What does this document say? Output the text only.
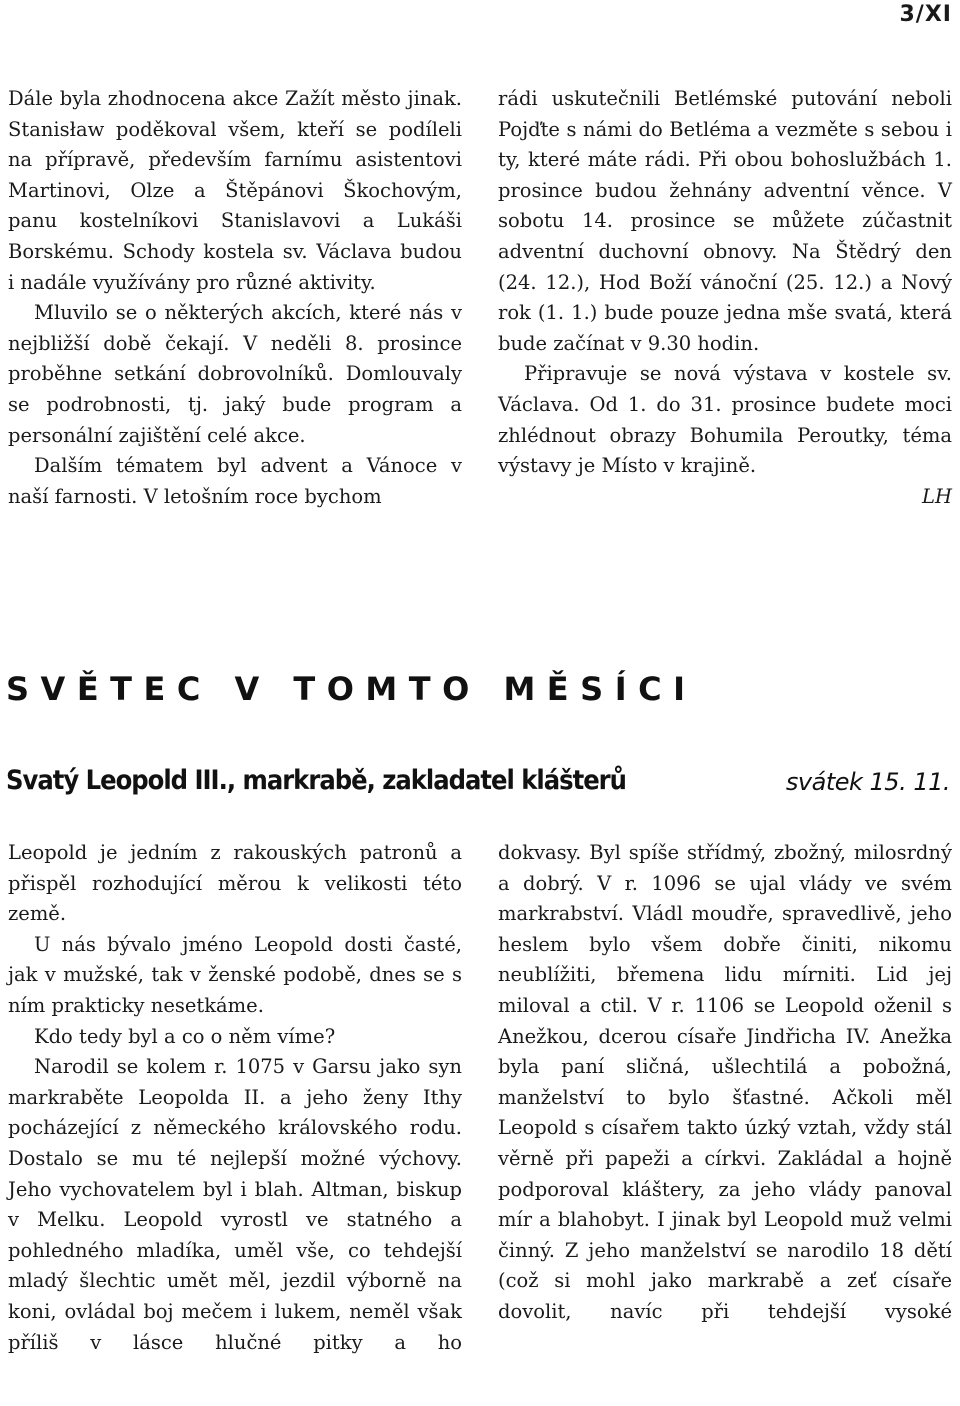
3/XI

Dále byla zhodnocena akce Zažít město jinak. Stanisław poděkoval všem, kteří se podíleli na přípravě, především farnímu asistentovi Martinovi, Olze a Štěpánovi Škochovým, panu kostelníkovi Stanislavovi a Lukáši Borskému. Schody kostela sv. Václava budou i nadále využívány pro různé aktivity.

Mluvilo se o některých akcích, které nás v nejbližší době čekají. V neděli 8. prosince proběhne setkání dobrovolníků. Domlouvaly se podrobnosti, tj. jaký bude program a personální zajištění celé akce.

Dalším tématem byl advent a Vánoce v naší farnosti. V letošním roce bychom

rádi uskutečnili Betlémské putování neboli Pojďte s námi do Betléma a vezměte s sebou i ty, které máte rádi. Při obou bohoslužbách 1. prosince budou žehnány adventní věnce. V sobotu 14. prosince se můžete zúčastnit adventní duchovní obnovy. Na Štědrý den (24. 12.), Hod Boží vánoční (25. 12.) a Nový rok (1. 1.) bude pouze jedna mše svatá, která bude začínat v 9.30 hodin.

Připravuje se nová výstava v kostele sv. Václava. Od 1. do 31. prosince budete moci zhlédnout obrazy Bohumila Peroutky, téma výstavy je Místo v krajině.

LH

SVĚTEC V TOMTO MĚSÍCI
Svatý Leopold III., markrabě, zakladatel klášterů	svátek 15. 11.

Leopold je jedním z rakouských patronů a přispěl rozhodující měrou k velikosti této země.

U nás bývalo jméno Leopold dosti časté, jak v mužské, tak v ženské podobě, dnes se s ním prakticky nesetkáme.

Kdo tedy byl a co o něm víme?

Narodil se kolem r. 1075 v Garsu jako syn markraběte Leopolda II. a jeho ženy Ithy pocházející z německého královského rodu. Dostalo se mu té nejlepší možné výchovy. Jeho vychovatelem byl i blah. Altman, biskup v Melku. Leopold vyrostl ve statného a pohledného mladíka, uměl vše, co tehdejší mladý šlechtic umět měl, jezdil výborně na koni, ovládal boj mečem i lukem, neměl však příliš v lásce hlučné pitky a ho

dokvasy. Byl spíše střídmý, zbožný, milosrdný a dobrý. V r. 1096 se ujal vlády ve svém markrabství. Vládl moudře, spravedlivě, jeho heslem bylo všem dobře činiti, nikomu neublížiti, břemena lidu mírniti. Lid jej miloval a ctil. V r. 1106 se Leopold oženil s Anežkou, dcerou císaře Jindřicha IV. Anežka byla paní sličná, ušlechtilá a pobožná, manželství to bylo šťastné. Ačkoli měl Leopold s císařem takto úzký vztah, vždy stál věrně při papeži a církvi. Zakládal a hojně podporoval kláštery, za jeho vlády panoval mír a blahobyt. I jinak byl Leopold muž velmi činný. Z jeho manželství se narodilo 18 dětí (což si mohl jako markrabě a zeť císaře dovolit, navíc při tehdejší vysoké
